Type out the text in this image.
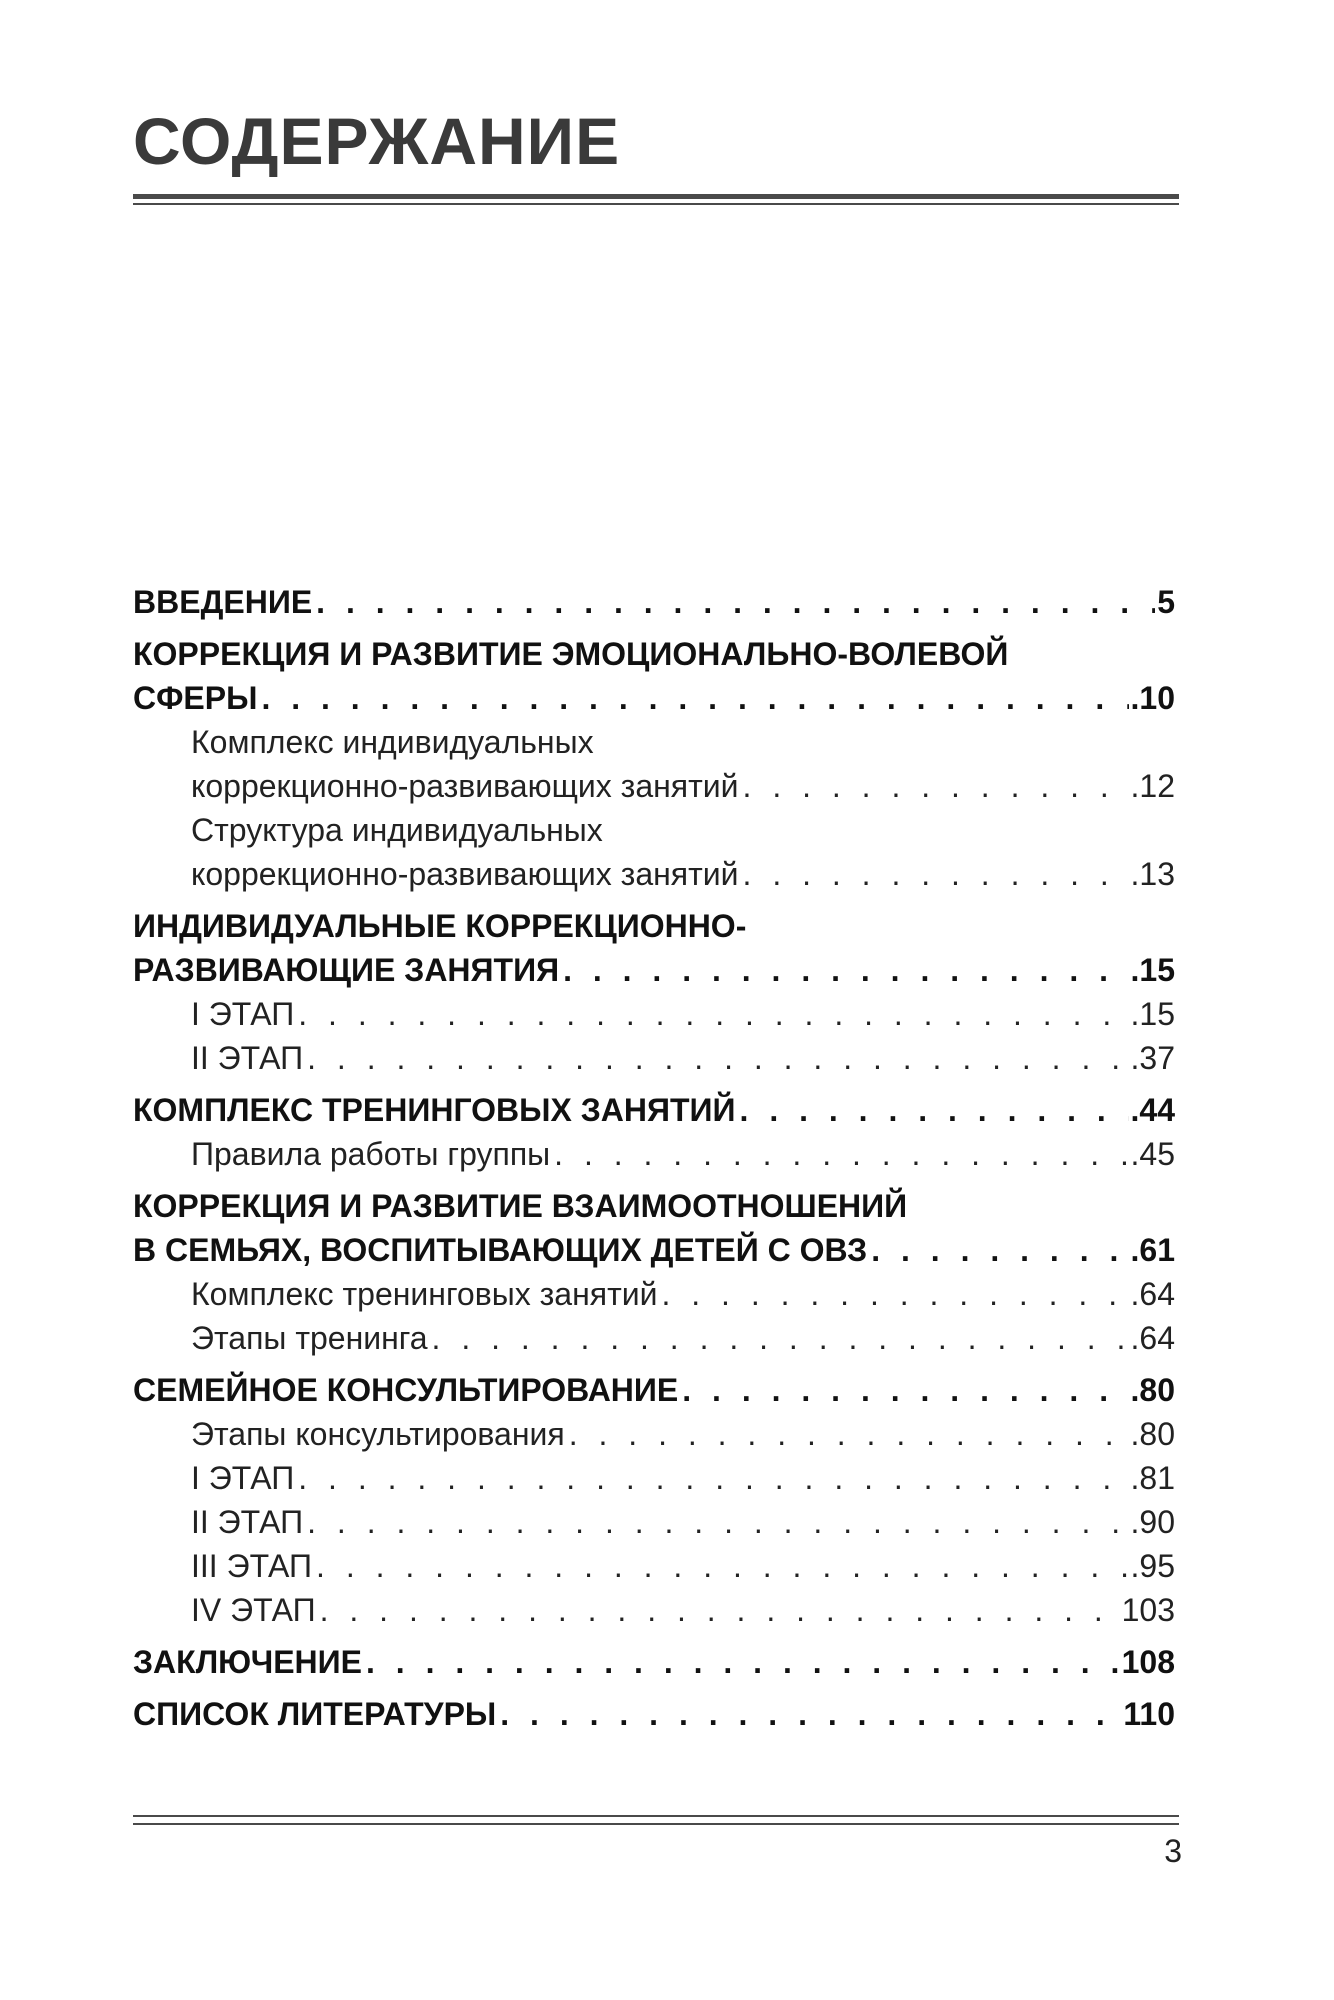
СОДЕРЖАНИЕ
ВВЕДЕНИЕ . . .	5
КОРРЕКЦИЯ И РАЗВИТИЕ ЭМОЦИОНАЛЬНО-ВОЛЕВОЙ
СФЕРЫ . . .	.10
Комплекс индивидуальных
коррекционно-развивающих занятий . . .	.12
Структура индивидуальных
коррекционно-развивающих занятий . . .	.13
ИНДИВИДУАЛЬНЫЕ КОРРЕКЦИОННО-
РАЗВИВАЮЩИЕ ЗАНЯТИЯ . . .	.15
I ЭТАП . . .	.15
II ЭТАП . . .	.37
КОМПЛЕКС ТРЕНИНГОВЫХ ЗАНЯТИЙ . . .	.44
Правила работы группы . . .	.45
КОРРЕКЦИЯ И РАЗВИТИЕ ВЗАИМООТНОШЕНИЙ
В СЕМЬЯХ, ВОСПИТЫВАЮЩИХ ДЕТЕЙ С ОВЗ . . .	.61
Комплекс тренинговых занятий . . .	.64
Этапы тренинга . . .	.64
СЕМЕЙНОЕ КОНСУЛЬТИРОВАНИЕ . . .	.80
Этапы консультирования . . .	.80
I ЭТАП . . .	.81
II ЭТАП . . .	.90
III ЭТАП . . .	.95
IV ЭТАП . . .	103
ЗАКЛЮЧЕНИЕ . . .	108
СПИСОК ЛИТЕРАТУРЫ . . .	110
3
